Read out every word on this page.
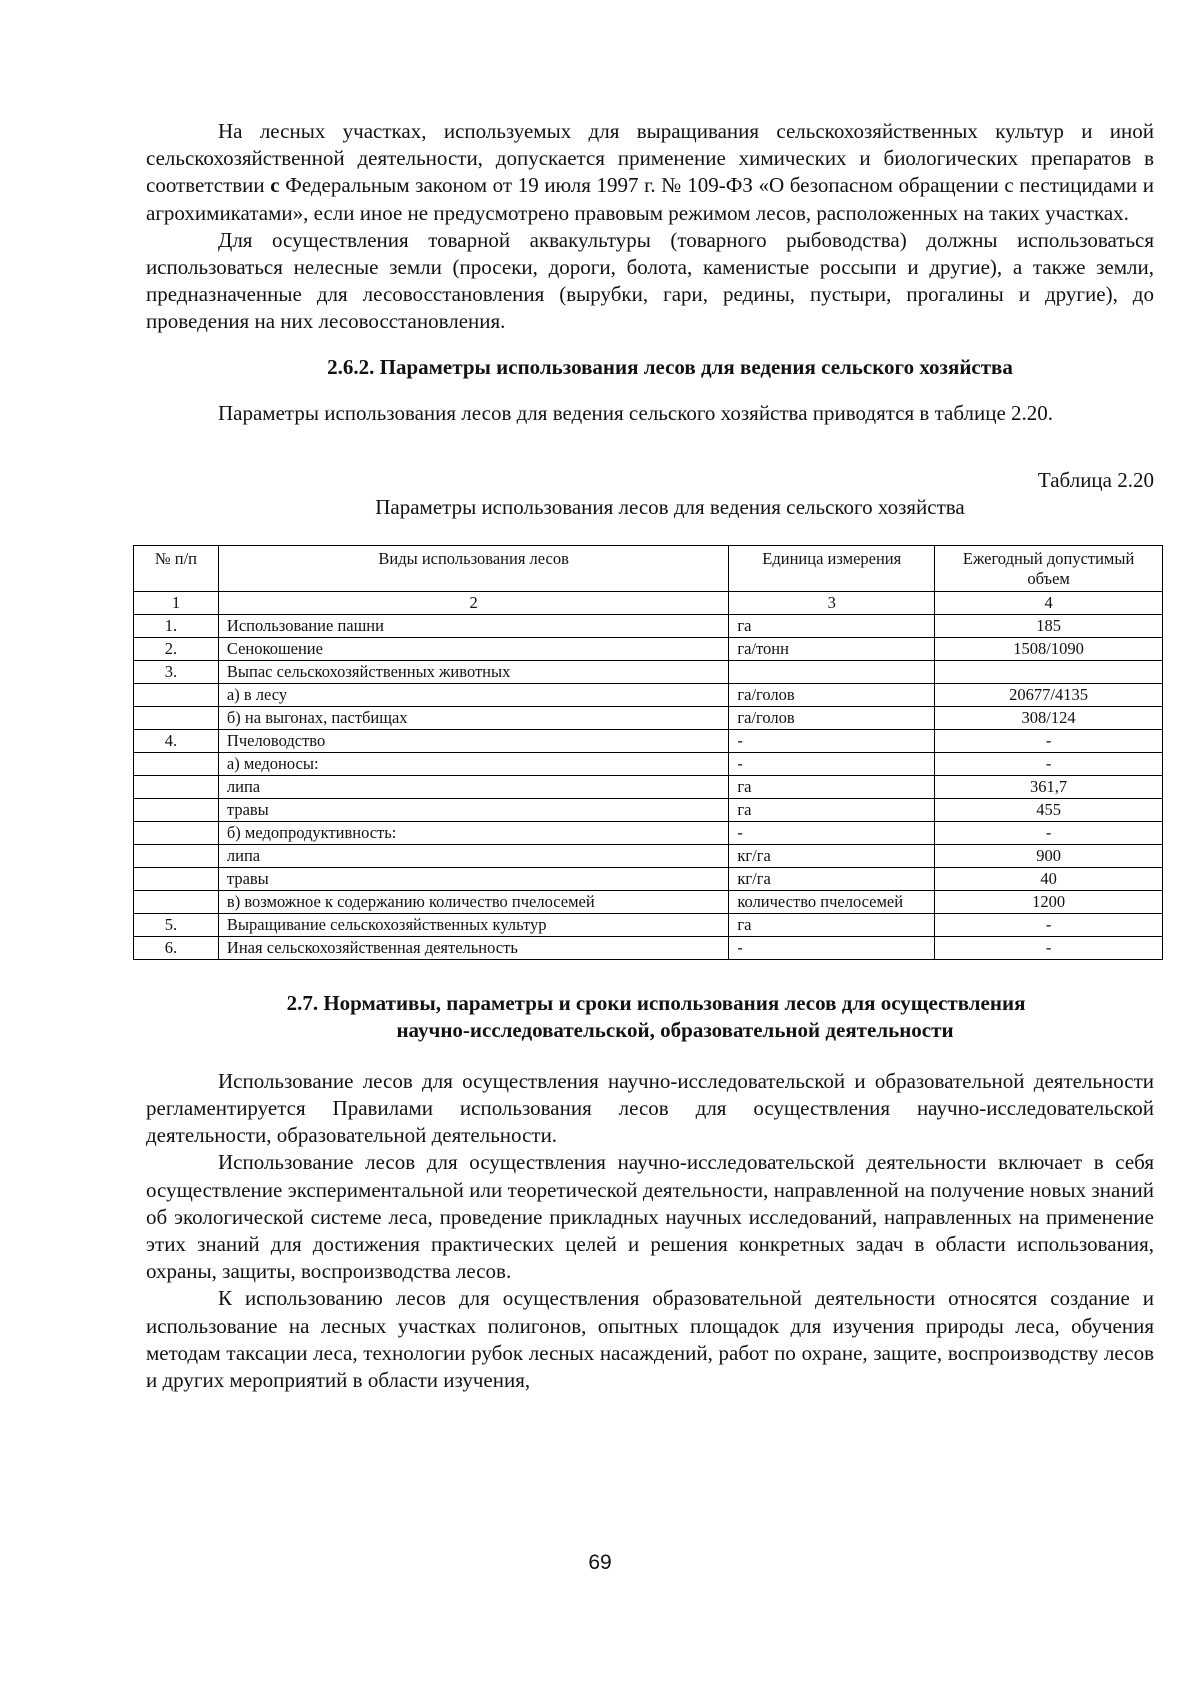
На лесных участках, используемых для выращивания сельскохозяйственных культур и иной сельскохозяйственной деятельности, допускается применение химических и биологических препаратов в соответствии с Федеральным законом от 19 июля 1997 г. № 109-ФЗ «О безопасном обращении с пестицидами и агрохимикатами», если иное не предусмотрено правовым режимом лесов, расположенных на таких участках.

Для осуществления товарной аквакультуры (товарного рыбоводства) должны использоваться использоваться нелесные земли (просеки, дороги, болота, каменистые россыпи и другие), а также земли, предназначенные для лесовосстановления (вырубки, гари, редины, пустыри, прогалины и другие), до проведения на них лесовосстановления.

2.6.2. Параметры использования лесов для ведения сельского хозяйства

Параметры использования лесов для ведения сельского хозяйства приводятся в таблице 2.20.

Таблица 2.20
Параметры использования лесов для ведения сельского хозяйства
№ п/п	Виды использования лесов	Единица измерения	Ежегодный допустимый объем
1	2	3	4
1.	Использование пашни	га	185
2.	Сенокошение	га/тонн	1508/1090
3.	Выпас сельскохозяйственных животных		
	а) в лесу	га/голов	20677/4135
	б) на выгонах, пастбищах	га/голов	308/124
4.	Пчеловодство	-	-
	а) медоносы:	-	-
	липа	га	361,7
	травы	га	455
	б) медопродуктивность:	-	-
	липа	кг/га	900
	травы	кг/га	40
	в) возможное к содержанию количество пчелосемей	количество пчелосемей	1200
5.	Выращивание сельскохозяйственных культур	га	-
6.	Иная сельскохозяйственная деятельность	-	-
2.7. Нормативы, параметры и сроки использования лесов для осуществления
научно-исследовательской, образовательной деятельности

Использование лесов для осуществления научно-исследовательской и образовательной деятельности регламентируется Правилами использования лесов для осуществления научно-исследовательской деятельности, образовательной деятельности.

Использование лесов для осуществления научно-исследовательской деятельности включает в себя осуществление экспериментальной или теоретической деятельности, направленной на получение новых знаний об экологической системе леса, проведение прикладных научных исследований, направленных на применение этих знаний для достижения практических целей и решения конкретных задач в области использования, охраны, защиты, воспроизводства лесов.

К использованию лесов для осуществления образовательной деятельности относятся создание и использование на лесных участках полигонов, опытных площадок для изучения природы леса, обучения методам таксации леса, технологии рубок лесных насаждений, работ по охране, защите, воспроизводству лесов и других мероприятий в области изучения,

69
